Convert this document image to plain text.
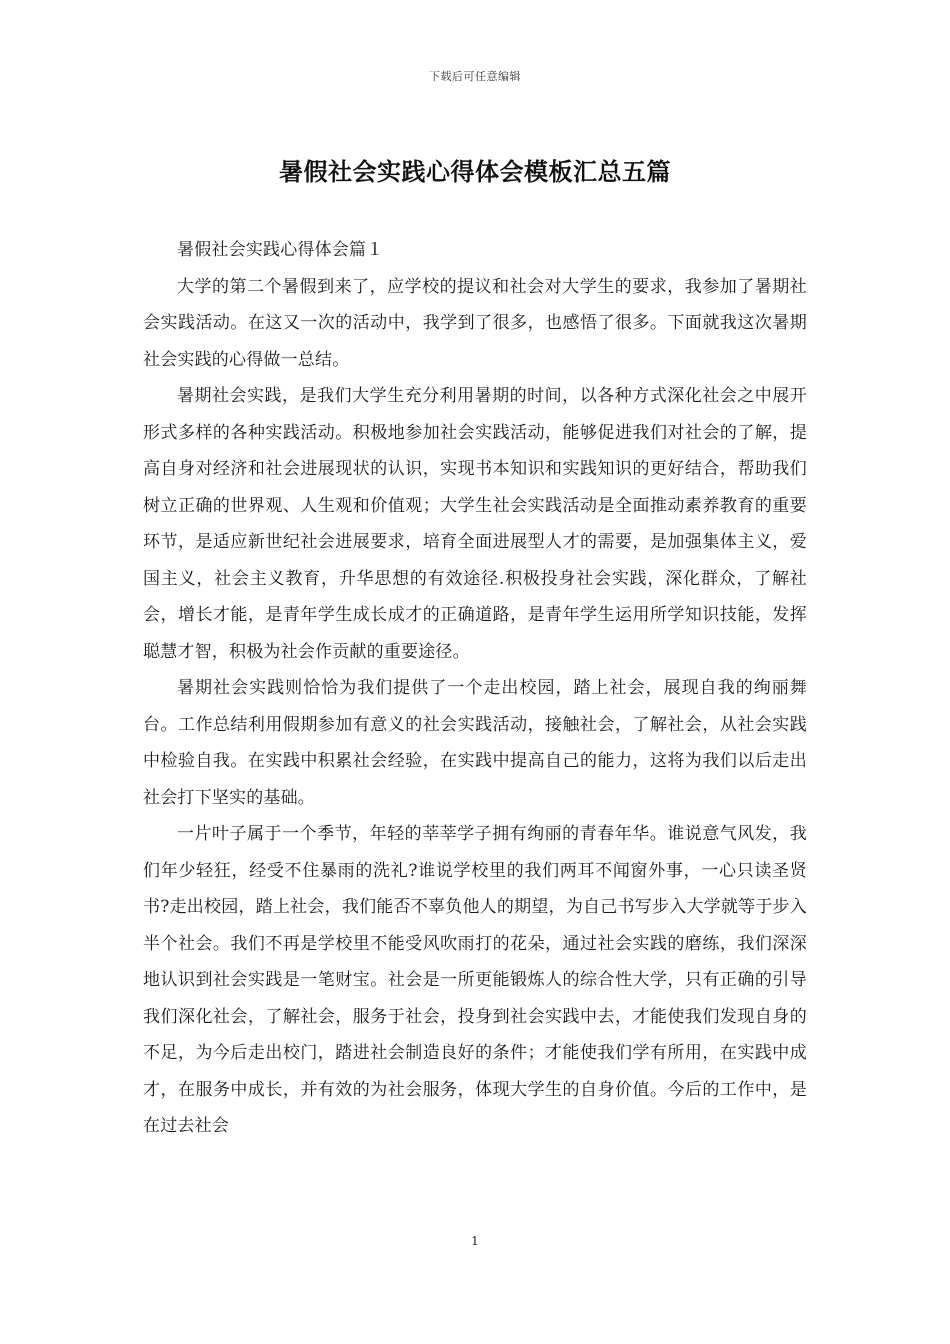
下载后可任意编辑
暑假社会实践心得体会模板汇总五篇

暑假社会实践心得体会篇１

大学的第二个暑假到来了，应学校的提议和社会对大学生的要求，我参加了暑期社会实践活动。在这又一次的活动中，我学到了很多，也感悟了很多。下面就我这次暑期社会实践的心得做一总结。

暑期社会实践，是我们大学生充分利用暑期的时间，以各种方式深化社会之中展开形式多样的各种实践活动。积极地参加社会实践活动，能够促进我们对社会的了解，提高自身对经济和社会进展现状的认识，实现书本知识和实践知识的更好结合，帮助我们树立正确的世界观、人生观和价值观；大学生社会实践活动是全面推动素养教育的重要环节，是适应新世纪社会进展要求，培育全面进展型人才的需要，是加强集体主义，爱国主义，社会主义教育，升华思想的有效途径.积极投身社会实践，深化群众，了解社会，增长才能，是青年学生成长成才的正确道路，是青年学生运用所学知识技能，发挥聪慧才智，积极为社会作贡献的重要途径。

暑期社会实践则恰恰为我们提供了一个走出校园，踏上社会，展现自我的绚丽舞台。工作总结利用假期参加有意义的社会实践活动，接触社会，了解社会，从社会实践中检验自我。在实践中积累社会经验，在实践中提高自己的能力，这将为我们以后走出社会打下坚实的基础。

一片叶子属于一个季节，年轻的莘莘学子拥有绚丽的青春年华。谁说意气风发，我们年少轻狂，经受不住暴雨的洗礼?谁说学校里的我们两耳不闻窗外事，一心只读圣贤书?走出校园，踏上社会，我们能否不辜负他人的期望，为自己书写步入大学就等于步入半个社会。我们不再是学校里不能受风吹雨打的花朵，通过社会实践的磨练，我们深深地认识到社会实践是一笔财宝。社会是一所更能锻炼人的综合性大学，只有正确的引导我们深化社会，了解社会，服务于社会，投身到社会实践中去，才能使我们发现自身的不足，为今后走出校门，踏进社会制造良好的条件；才能使我们学有所用，在实践中成才，在服务中成长，并有效的为社会服务，体现大学生的自身价值。今后的工作中，是在过去社会

1
